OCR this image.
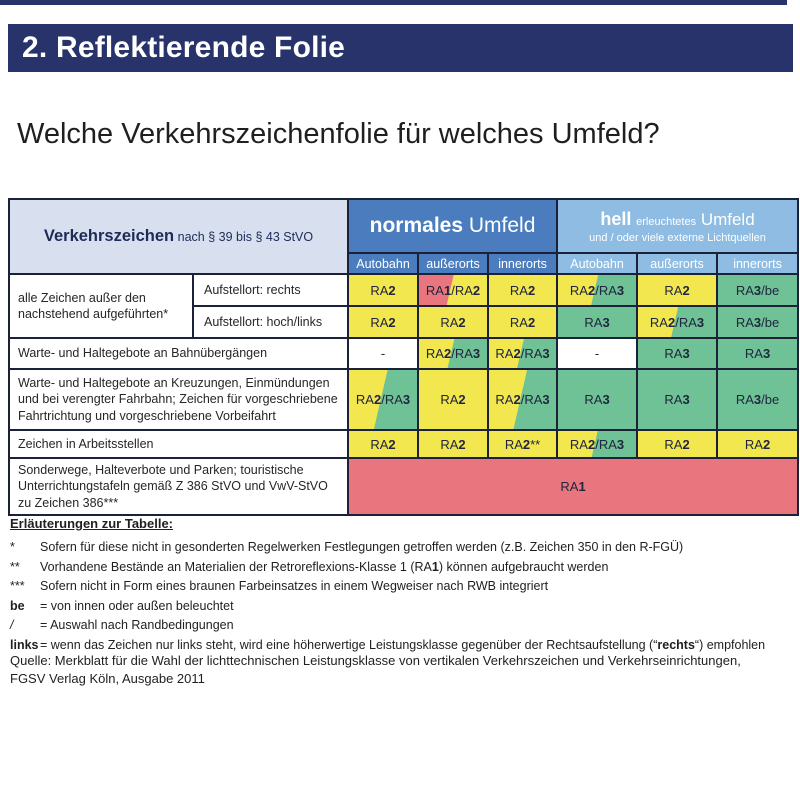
2. Reflektierende Folie
Welche Verkehrszeichenfolie für welches Umfeld?
Verkehrszeichen nach § 39 bis § 43 StVO		normales Umfeld			hell erleuchtetes Umfeld
und / oder viele externe Lichtquellen		

		Autobahn	außerorts	innerorts	Autobahn	außerorts	innerorts
alle Zeichen außer den nachstehend aufgeführten*	Aufstellort: rechts	RA2	RA1/RA2	RA2	RA2/RA3	RA2	RA3/be
	Aufstellort: hoch/links	RA2	RA2	RA2	RA3	RA2/RA3	RA3/be
Warte- und Haltegebote an Bahnübergängen		-	RA2/RA3	RA2/RA3	-	RA3	RA3
Warte- und Haltegebote an Kreuzungen, Einmündungen und bei verengter Fahrbahn; Zeichen für vorgeschriebene Fahrtrichtung und vorgeschriebene Vorbeifahrt		RA2/RA3	RA2	RA2/RA3	RA3	RA3	RA3/be
Zeichen in Arbeitsstellen		RA2	RA2	RA2**	RA2/RA3	RA2	RA2
Sonderwege, Halteverbote und Parken; touristische Unterrichtungstafeln gemäß Z 386 StVO und VwV-StVO zu Zeichen 386***		RA1					
Erläuterungen zur Tabelle:
*	Sofern für diese nicht in gesonderten Regelwerken Festlegungen getroffen werden (z.B. Zeichen 350 in den R-FGÜ)
**	Vorhandene Bestände an Materialien der Retroreflexions-Klasse 1 (RA1) können aufgebraucht werden
***	Sofern nicht in Form eines braunen Farbeinsatzes in einem Wegweiser nach RWB integriert
be	= von innen oder außen beleuchtet
/	= Auswahl nach Randbedingungen
links = wenn das Zeichen nur links steht, wird eine höherwertige Leistungsklasse gegenüber der Rechtsaufstellung (“rechts“) empfohlen
Quelle: Merkblatt für die Wahl der lichttechnischen Leistungsklasse von vertikalen Verkehrszeichen und Verkehrseinrichtungen,
FGSV Verlag Köln, Ausgabe 2011
